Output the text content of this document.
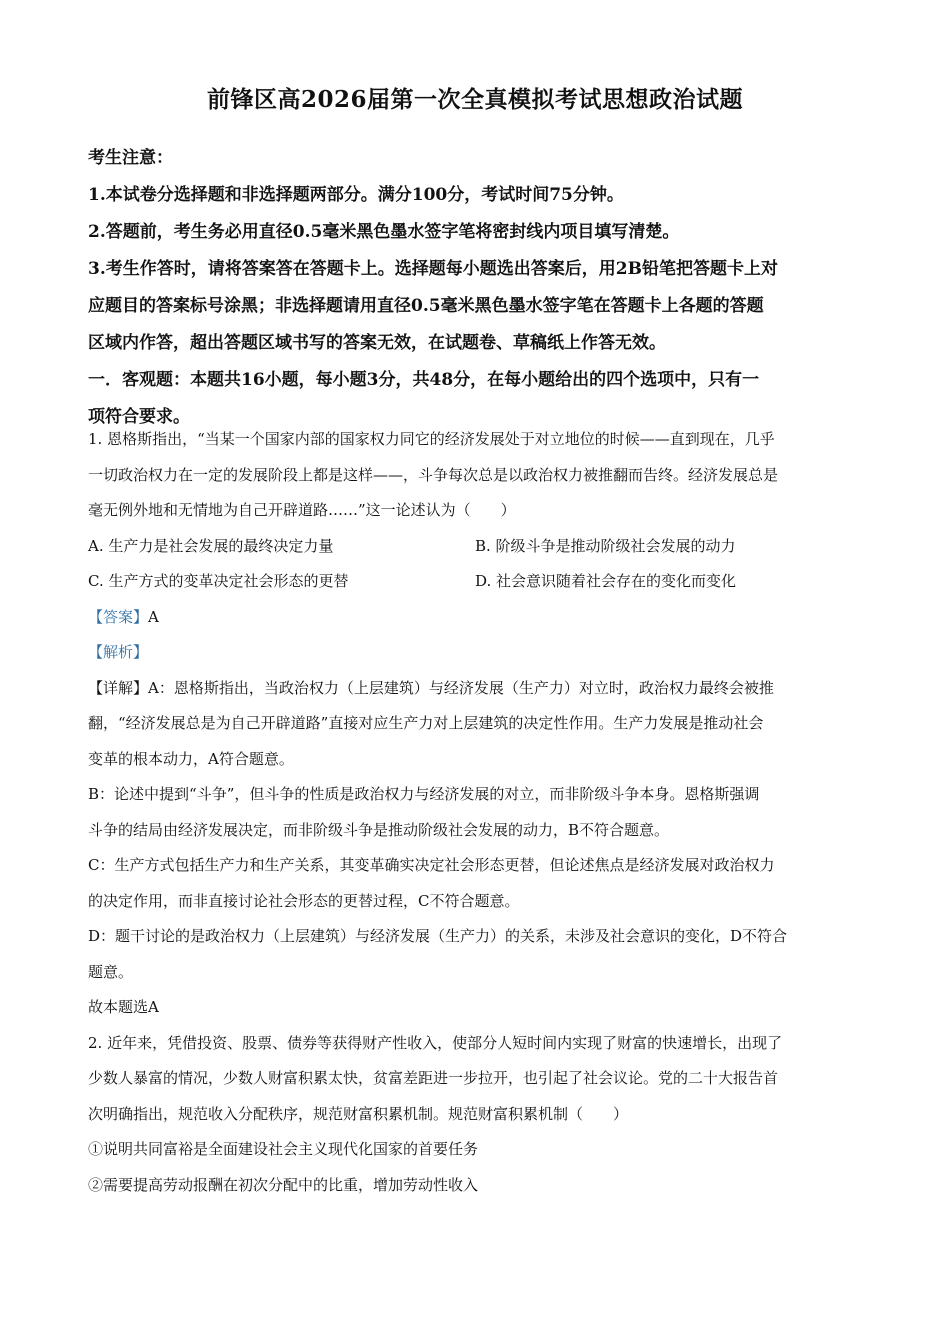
前锋区高2026届第一次全真模拟考试思想政治试题
考生注意：
1.本试卷分选择题和非选择题两部分。满分100分，考试时间75分钟。
2.答题前，考生务必用直径0.5毫米黑色墨水签字笔将密封线内项目填写清楚。
3.考生作答时，请将答案答在答题卡上。选择题每小题选出答案后，用2B铅笔把答题卡上对
应题目的答案标号涂黑；非选择题请用直径0.5毫米黑色墨水签字笔在答题卡上各题的答题
区域内作答，超出答题区域书写的答案无效，在试题卷、草稿纸上作答无效。
一．客观题：本题共16小题，每小题3分，共48分，在每小题给出的四个选项中，只有一
项符合要求。
1. 恩格斯指出，“当某一个国家内部的国家权力同它的经济发展处于对立地位的时候——直到现在，几乎
一切政治权力在一定的发展阶段上都是这样——，斗争每次总是以政治权力被推翻而告终。经济发展总是
毫无例外地和无情地为自己开辟道路……”这一论述认为（　　）
A. 生产力是社会发展的最终决定力量	B. 阶级斗争是推动阶级社会发展的动力
C. 生产方式的变革决定社会形态的更替	D. 社会意识随着社会存在的变化而变化
【答案】A
【解析】
【详解】A：恩格斯指出，当政治权力（上层建筑）与经济发展（生产力）对立时，政治权力最终会被推
翻，“经济发展总是为自己开辟道路”直接对应生产力对上层建筑的决定性作用。生产力发展是推动社会
变革的根本动力，A符合题意。
B：论述中提到“斗争”，但斗争的性质是政治权力与经济发展的对立，而非阶级斗争本身。恩格斯强调
斗争的结局由经济发展决定，而非阶级斗争是推动阶级社会发展的动力，B不符合题意。
C：生产方式包括生产力和生产关系，其变革确实决定社会形态更替，但论述焦点是经济发展对政治权力
的决定作用，而非直接讨论社会形态的更替过程，C不符合题意。
D：题干讨论的是政治权力（上层建筑）与经济发展（生产力）的关系，未涉及社会意识的变化，D不符合
题意。
故本题选A
2. 近年来，凭借投资、股票、债券等获得财产性收入，使部分人短时间内实现了财富的快速增长，出现了
少数人暴富的情况，少数人财富积累太快，贫富差距进一步拉开，也引起了社会议论。党的二十大报告首
次明确指出，规范收入分配秩序，规范财富积累机制。规范财富积累机制（　　）
①说明共同富裕是全面建设社会主义现代化国家的首要任务
②需要提高劳动报酬在初次分配中的比重，增加劳动性收入
